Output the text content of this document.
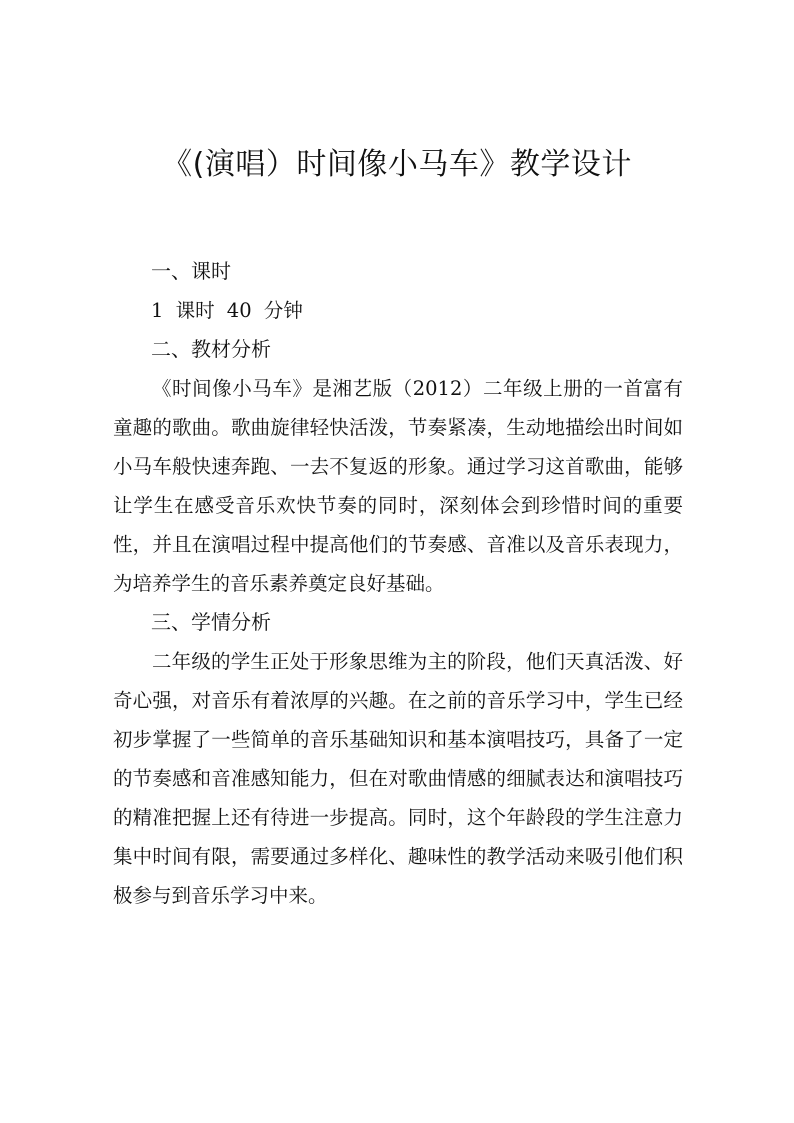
《(演唱）时间像小马车》教学设计
一、课时
1 课时 40 分钟
二、教材分析

《时间像小马车》是湘艺版（2012）二年级上册的一首富有童趣的歌曲。歌曲旋律轻快活泼，节奏紧凑，生动地描绘出时间如小马车般快速奔跑、一去不复返的形象。通过学习这首歌曲，能够让学生在感受音乐欢快节奏的同时，深刻体会到珍惜时间的重要性，并且在演唱过程中提高他们的节奏感、音准以及音乐表现力，为培养学生的音乐素养奠定良好基础。

三、学情分析

二年级的学生正处于形象思维为主的阶段，他们天真活泼、好奇心强，对音乐有着浓厚的兴趣。在之前的音乐学习中，学生已经初步掌握了一些简单的音乐基础知识和基本演唱技巧，具备了一定的节奏感和音准感知能力，但在对歌曲情感的细腻表达和演唱技巧的精准把握上还有待进一步提高。同时，这个年龄段的学生注意力集中时间有限，需要通过多样化、趣味性的教学活动来吸引他们积极参与到音乐学习中来。
